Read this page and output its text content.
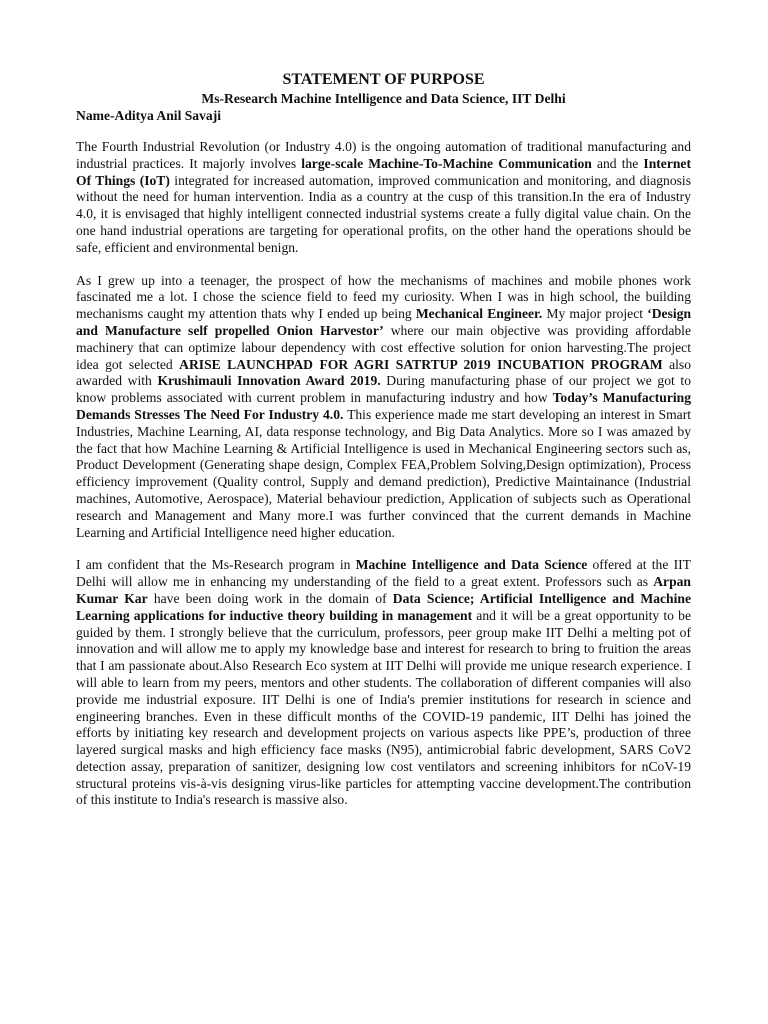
STATEMENT OF PURPOSE

Ms-Research Machine Intelligence and Data Science, IIT Delhi

Name-Aditya Anil Savaji

The Fourth Industrial Revolution (or Industry 4.0) is the ongoing automation of traditional manufacturing and industrial practices. It majorly involves large-scale Machine-To-Machine Communication and the Internet Of Things (IoT) integrated for increased automation, improved communication and monitoring, and diagnosis without the need for human intervention. India as a country at the cusp of this transition.In the era of Industry 4.0, it is envisaged that highly intelligent connected industrial systems create a fully digital value chain. On the one hand industrial operations are targeting for operational profits, on the other hand the operations should be safe, efficient and environmental benign.

As I grew up into a teenager, the prospect of how the mechanisms of machines and mobile phones work fascinated me a lot. I chose the science field to feed my curiosity. When I was in high school, the building mechanisms caught my attention thats why I ended up being Mechanical Engineer. My major project ‘Design and Manufacture self propelled Onion Harvestor’ where our main objective was providing affordable machinery that can optimize labour dependency with cost effective solution for onion harvesting.The project idea got selected ARISE LAUNCHPAD FOR AGRI SATRTUP 2019 INCUBATION PROGRAM also awarded with Krushimauli Innovation Award 2019. During manufacturing phase of our project we got to know problems associated with current problem in manufacturing industry and how Today’s Manufacturing Demands Stresses The Need For Industry 4.0. This experience made me start developing an interest in Smart Industries, Machine Learning, AI, data response technology, and Big Data Analytics. More so I was amazed by the fact that how Machine Learning & Artificial Intelligence is used in Mechanical Engineering sectors such as, Product Development (Generating shape design, Complex FEA,Problem Solving,Design optimization), Process efficiency improvement (Quality control, Supply and demand prediction), Predictive Maintainance (Industrial machines, Automotive, Aerospace), Material behaviour prediction, Application of subjects such as Operational research and Management and Many more.I was further convinced that the current demands in Machine Learning and Artificial Intelligence need higher education.

I am confident that the Ms-Research program in Machine Intelligence and Data Science offered at the IIT Delhi will allow me in enhancing my understanding of the field to a great extent. Professors such as Arpan Kumar Kar have been doing work in the domain of Data Science; Artificial Intelligence and Machine Learning applications for inductive theory building in management and it will be a great opportunity to be guided by them. I strongly believe that the curriculum, professors, peer group make IIT Delhi a melting pot of innovation and will allow me to apply my knowledge base and interest for research to bring to fruition the areas that I am passionate about.Also Research Eco system at IIT Delhi will provide me unique research experience. I will able to learn from my peers, mentors and other students. The collaboration of different companies will also provide me industrial exposure. IIT Delhi is one of India's premier institutions for research in science and engineering branches. Even in these difficult months of the COVID-19 pandemic, IIT Delhi has joined the efforts by initiating key research and development projects on various aspects like PPE’s, production of three layered surgical masks and high efficiency face masks (N95), antimicrobial fabric development, SARS CoV2 detection assay, preparation of sanitizer, designing low cost ventilators and screening inhibitors for nCoV-19 structural proteins vis-à-vis designing virus-like particles for attempting vaccine development.The contribution of this institute to India's research is massive also.
